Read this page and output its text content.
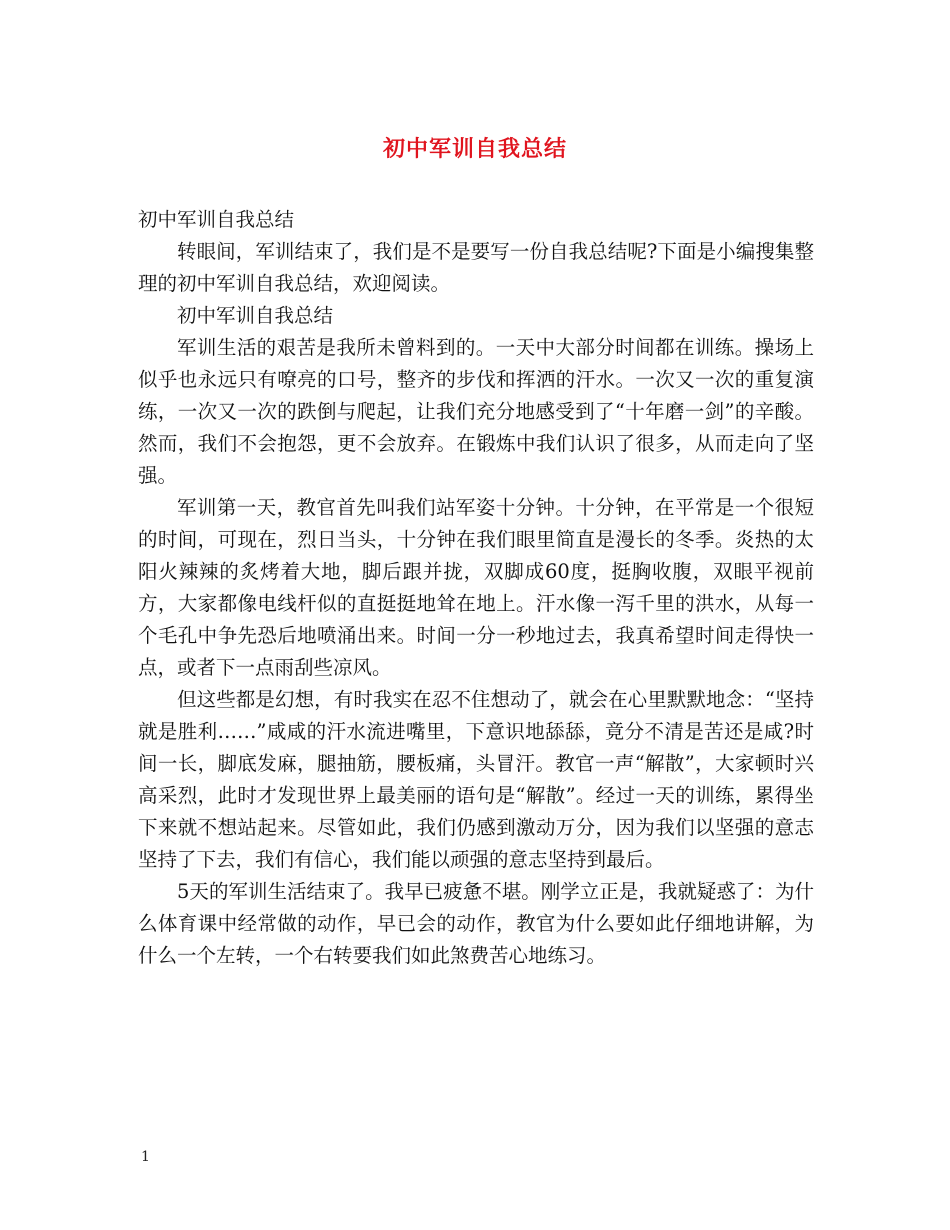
初中军训自我总结

初中军训自我总结

转眼间，军训结束了，我们是不是要写一份自我总结呢?下面是小编搜集整理的初中军训自我总结，欢迎阅读。

初中军训自我总结

军训生活的艰苦是我所未曾料到的。一天中大部分时间都在训练。操场上似乎也永远只有嘹亮的口号，整齐的步伐和挥洒的汗水。一次又一次的重复演练，一次又一次的跌倒与爬起，让我们充分地感受到了“十年磨一剑”的辛酸。然而，我们不会抱怨，更不会放弃。在锻炼中我们认识了很多，从而走向了坚强。

军训第一天，教官首先叫我们站军姿十分钟。十分钟，在平常是一个很短的时间，可现在，烈日当头，十分钟在我们眼里简直是漫长的冬季。炎热的太阳火辣辣的炙烤着大地，脚后跟并拢，双脚成60度，挺胸收腹，双眼平视前方，大家都像电线杆似的直挺挺地耸在地上。汗水像一泻千里的洪水，从每一个毛孔中争先恐后地喷涌出来。时间一分一秒地过去，我真希望时间走得快一点，或者下一点雨刮些凉风。

但这些都是幻想，有时我实在忍不住想动了，就会在心里默默地念：“坚持就是胜利……”咸咸的汗水流进嘴里，下意识地舔舔，竟分不清是苦还是咸?时间一长，脚底发麻，腿抽筋，腰板痛，头冒汗。教官一声“解散”，大家顿时兴高采烈，此时才发现世界上最美丽的语句是“解散”。经过一天的训练，累得坐下来就不想站起来。尽管如此，我们仍感到激动万分，因为我们以坚强的意志坚持了下去，我们有信心，我们能以顽强的意志坚持到最后。

5天的军训生活结束了。我早已疲惫不堪。刚学立正是，我就疑惑了：为什么体育课中经常做的动作，早已会的动作，教官为什么要如此仔细地讲解，为什么一个左转，一个右转要我们如此煞费苦心地练习。

1
